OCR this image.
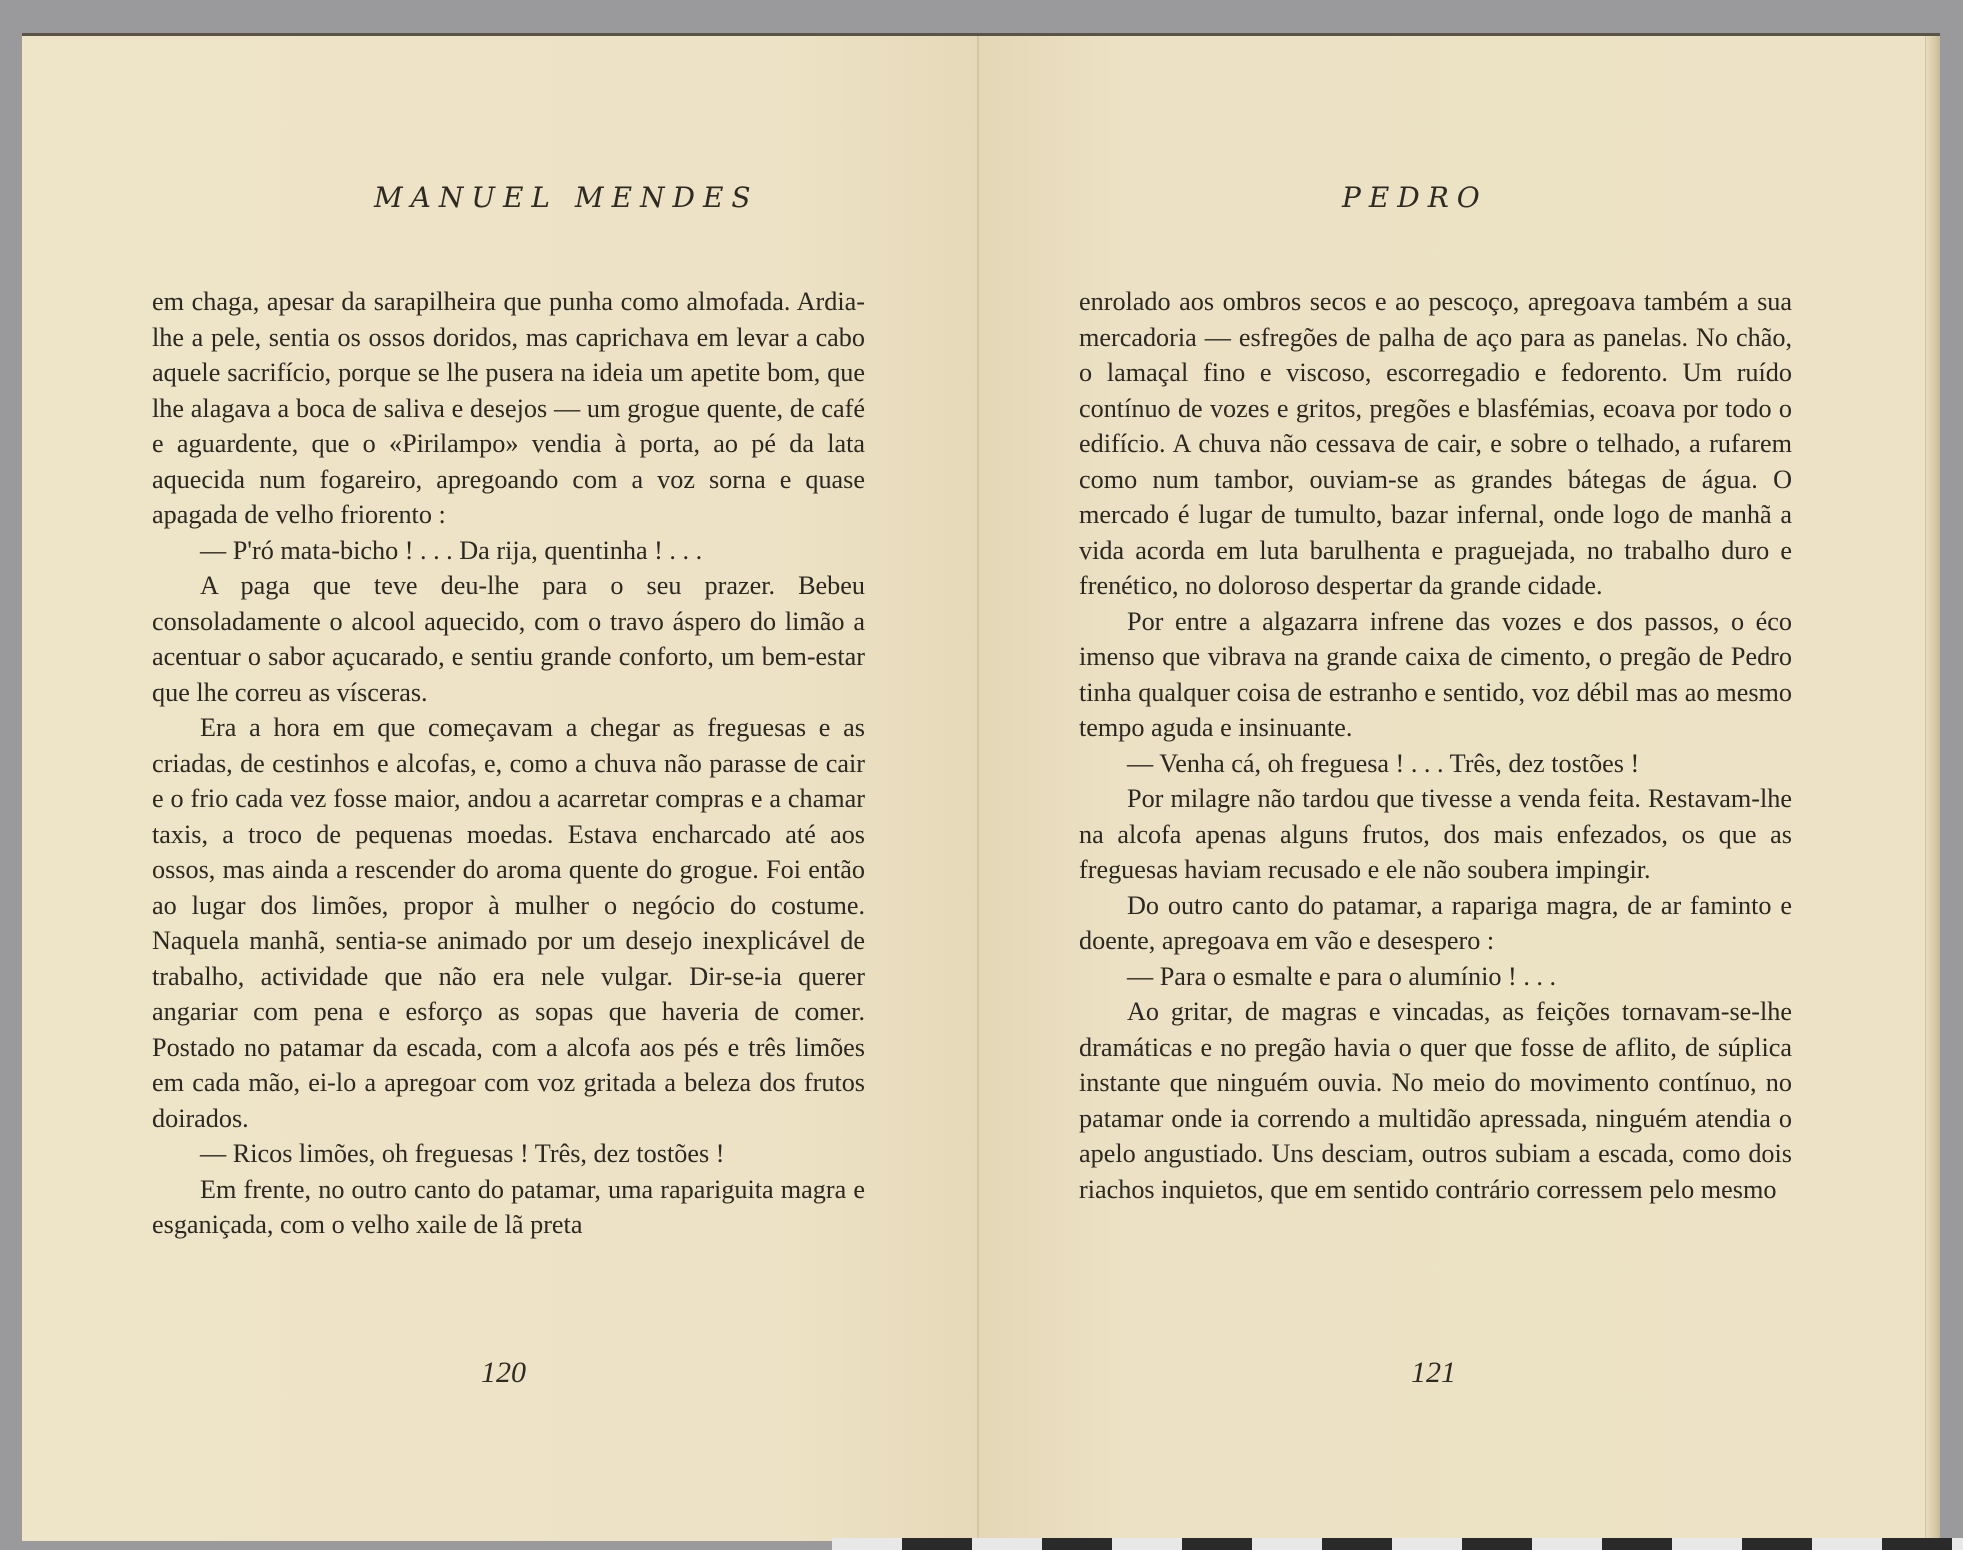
MANUEL MENDES

em chaga, apesar da sarapilheira que punha como almofada. Ardia-lhe a pele, sentia os ossos doridos, mas caprichava em levar a cabo aquele sacrifício, porque se lhe pusera na ideia um apetite bom, que lhe alagava a boca de saliva e desejos — um grogue quente, de café e aguardente, que o «Pirilampo» vendia à porta, ao pé da lata aquecida num fogareiro, apregoando com a voz sorna e quase apagada de velho friorento :

— P'ró mata-bicho ! . . . Da rija, quentinha ! . . .

A paga que teve deu-lhe para o seu prazer. Bebeu consoladamente o alcool aquecido, com o travo áspero do limão a acentuar o sabor açucarado, e sentiu grande conforto, um bem-estar que lhe correu as vísceras.

Era a hora em que começavam a chegar as freguesas e as criadas, de cestinhos e alcofas, e, como a chuva não parasse de cair e o frio cada vez fosse maior, andou a acarretar compras e a chamar taxis, a troco de pequenas moedas. Estava encharcado até aos ossos, mas ainda a rescender do aroma quente do grogue. Foi então ao lugar dos limões, propor à mulher o negócio do costume. Naquela manhã, sentia-se animado por um desejo inexplicável de trabalho, actividade que não era nele vulgar. Dir-se-ia querer angariar com pena e esforço as sopas que haveria de comer. Postado no patamar da escada, com a alcofa aos pés e três limões em cada mão, ei-lo a apregoar com voz gritada a beleza dos frutos doirados.

— Ricos limões, oh freguesas ! Três, dez tostões !

Em frente, no outro canto do patamar, uma rapariguita magra e esganiçada, com o velho xaile de lã preta

120
PEDRO

enrolado aos ombros secos e ao pescoço, apregoava também a sua mercadoria — esfregões de palha de aço para as panelas. No chão, o lamaçal fino e viscoso, escorregadio e fedorento. Um ruído contínuo de vozes e gritos, pregões e blasfémias, ecoava por todo o edifício. A chuva não cessava de cair, e sobre o telhado, a rufarem como num tambor, ouviam-se as grandes bátegas de água. O mercado é lugar de tumulto, bazar infernal, onde logo de manhã a vida acorda em luta barulhenta e praguejada, no trabalho duro e frenético, no doloroso despertar da grande cidade.

Por entre a algazarra infrene das vozes e dos passos, o éco imenso que vibrava na grande caixa de cimento, o pregão de Pedro tinha qualquer coisa de estranho e sentido, voz débil mas ao mesmo tempo aguda e insinuante.

— Venha cá, oh freguesa ! . . . Três, dez tostões !

Por milagre não tardou que tivesse a venda feita. Restavam-lhe na alcofa apenas alguns frutos, dos mais enfezados, os que as freguesas haviam recusado e ele não soubera impingir.

Do outro canto do patamar, a rapariga magra, de ar faminto e doente, apregoava em vão e desespero :

— Para o esmalte e para o alumínio ! . . .

Ao gritar, de magras e vincadas, as feições tornavam-se-lhe dramáticas e no pregão havia o quer que fosse de aflito, de súplica instante que ninguém ouvia. No meio do movimento contínuo, no patamar onde ia correndo a multidão apressada, ninguém atendia o apelo angustiado. Uns desciam, outros subiam a escada, como dois riachos inquietos, que em sentido contrário corressem pelo mesmo

121
